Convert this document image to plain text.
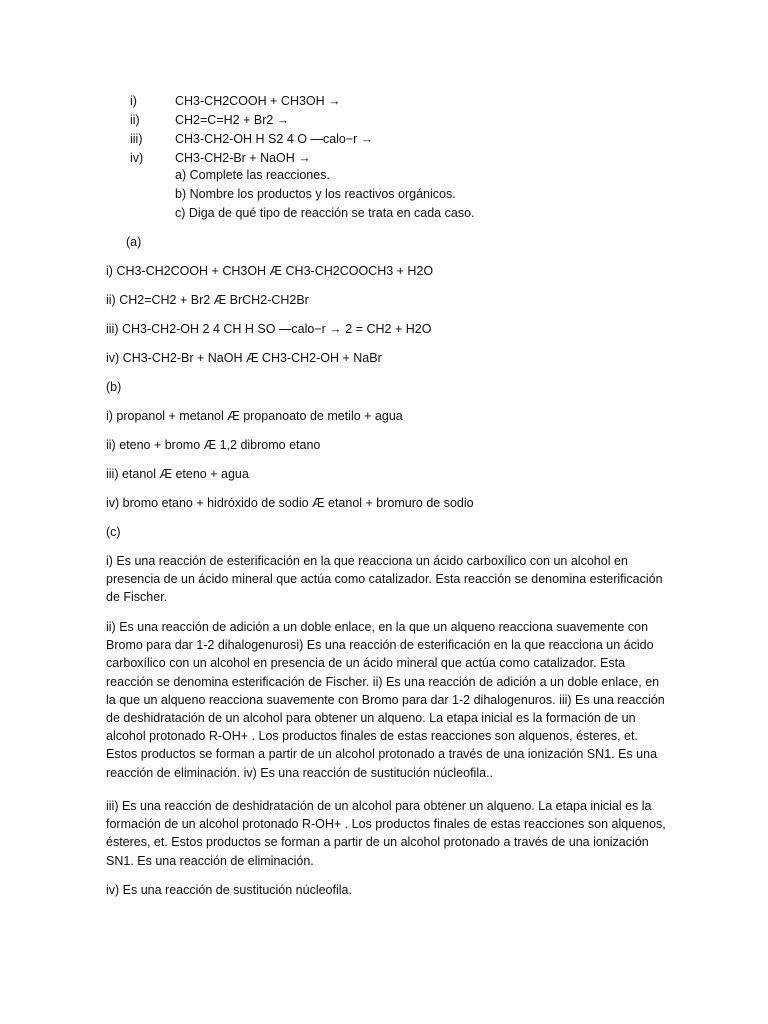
i)	CH3-CH2COOH + CH3OH →
ii)	CH2=C=H2 + Br2 →
iii)	CH3-CH2-OH H S2 4 O ⎯⎯calo−r →
iv)	CH3-CH2-Br + NaOH →
a) Complete las reacciones.
b) Nombre los productos y los reactivos orgánicos.
c) Diga de qué tipo de reacción se trata en cada caso.
(a)
i) CH3-CH2COOH + CH3OH Æ CH3-CH2COOCH3 + H2O
ii) CH2=CH2 + Br2 Æ BrCH2-CH2Br
iii) CH3-CH2-OH 2 4 CH H SO ⎯⎯calo−r → 2 = CH2 + H2O
iv) CH3-CH2-Br + NaOH Æ CH3-CH2-OH + NaBr
(b)
i) propanol + metanol Æ propanoato de metilo + agua
ii) eteno + bromo Æ 1,2 dibromo etano
iii) etanol Æ eteno + agua
iv) bromo etano + hidróxido de sodio Æ etanol + bromuro de sodio
(c)
i) Es una reacción de esterificación en la que reacciona un ácido carboxílico con un alcohol en presencia de un ácido mineral que actúa como catalizador. Esta reacción se denomina esterificación de Fischer.
ii) Es una reacción de adición a un doble enlace, en la que un alqueno reacciona suavemente con Bromo para dar 1-2 dihalogenurosi) Es una reacción de esterificación en la que reacciona un ácido carboxílico con un alcohol en presencia de un ácido mineral que actúa como catalizador. Esta reacción se denomina esterificación de Fischer. ii) Es una reacción de adición a un doble enlace, en la que un alqueno reacciona suavemente con Bromo para dar 1-2 dihalogenuros. iii) Es una reacción de deshidratación de un alcohol para obtener un alqueno. La etapa inicial es la formación de un alcohol protonado R-OH+ . Los productos finales de estas reacciones son alquenos, ésteres, et. Estos productos se forman a partir de un alcohol protonado a través de una ionización SN1. Es una reacción de eliminación. iv) Es una reacción de sustitución núcleofila..
iii) Es una reacción de deshidratación de un alcohol para obtener un alqueno. La etapa inicial es la formación de un alcohol protonado R-OH+ . Los productos finales de estas reacciones son alquenos, ésteres, et. Estos productos se forman a partir de un alcohol protonado a través de una ionización SN1. Es una reacción de eliminación.
iv) Es una reacción de sustitución núcleofila.
